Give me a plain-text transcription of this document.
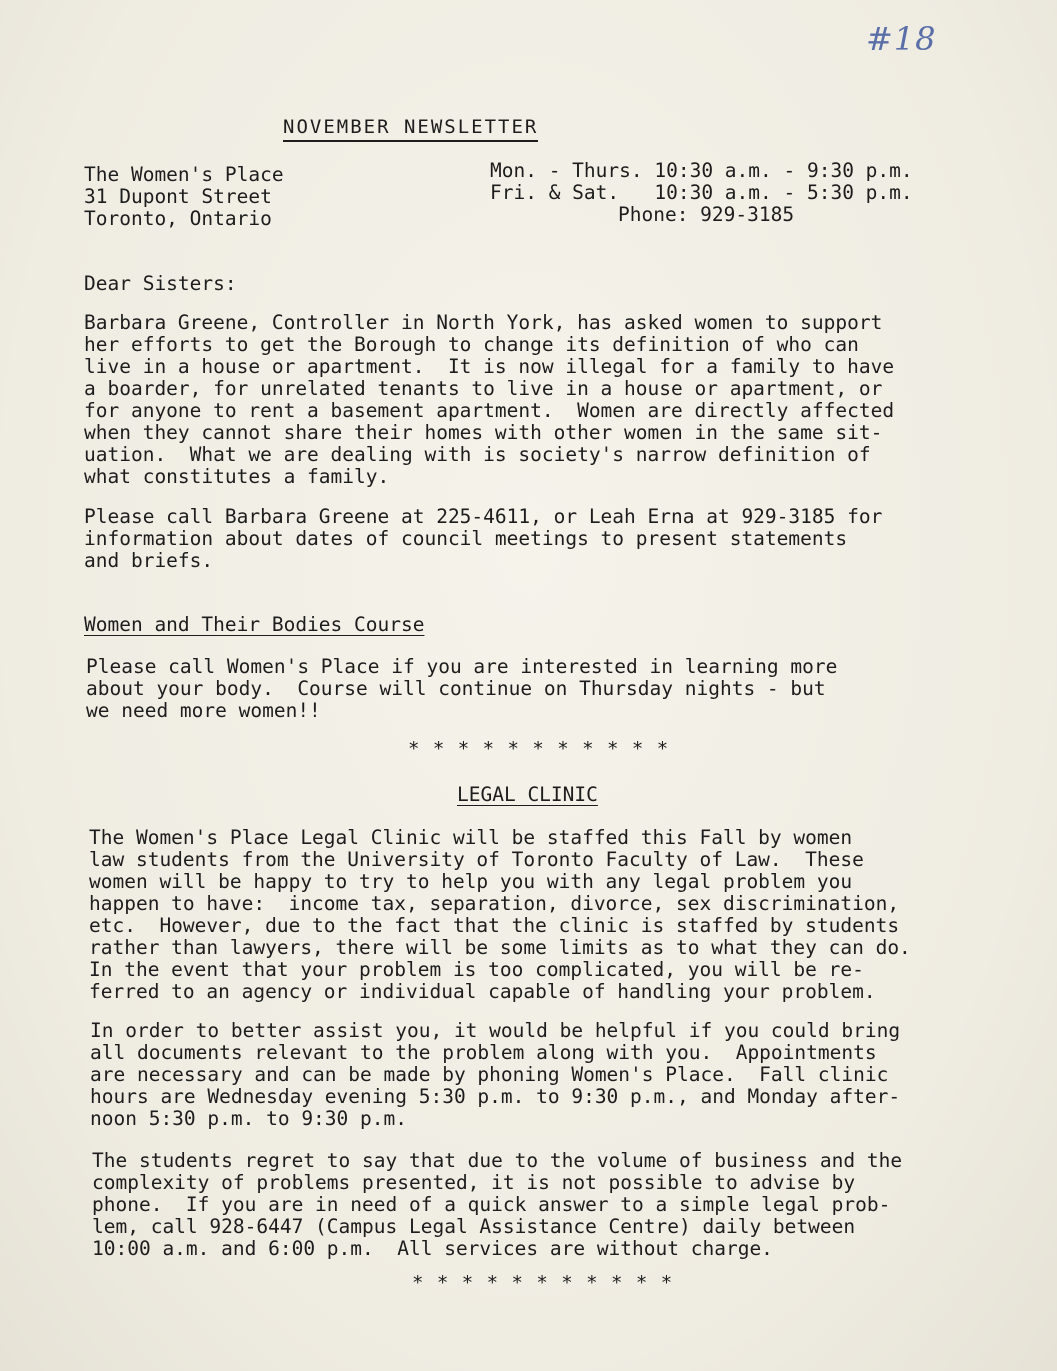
#18
NOVEMBER NEWSLETTER
The Women's Place
31 Dupont Street
Toronto, Ontario
Mon. - Thurs. 10:30 a.m. - 9:30 p.m.
Fri. & Sat.   10:30 a.m. - 5:30 p.m.
Phone: 929-3185
Dear Sisters:
Barbara Greene, Controller in North York, has asked women to support
her efforts to get the Borough to change its definition of who can
live in a house or apartment.  It is now illegal for a family to have
a boarder, for unrelated tenants to live in a house or apartment, or
for anyone to rent a basement apartment.  Women are directly affected
when they cannot share their homes with other women in the same sit-
uation.  What we are dealing with is society's narrow definition of
what constitutes a family.
Please call Barbara Greene at 225-4611, or Leah Erna at 929-3185 for
information about dates of council meetings to present statements
and briefs.
Women and Their Bodies Course
Please call Women's Place if you are interested in learning more
about your body.  Course will continue on Thursday nights - but
we need more women!!
* * * * * * * * * * *
LEGAL CLINIC
The Women's Place Legal Clinic will be staffed this Fall by women
law students from the University of Toronto Faculty of Law.  These
women will be happy to try to help you with any legal problem you
happen to have:  income tax, separation, divorce, sex discrimination,
etc.  However, due to the fact that the clinic is staffed by students
rather than lawyers, there will be some limits as to what they can do.
In the event that your problem is too complicated, you will be re-
ferred to an agency or individual capable of handling your problem.
In order to better assist you, it would be helpful if you could bring
all documents relevant to the problem along with you.  Appointments
are necessary and can be made by phoning Women's Place.  Fall clinic
hours are Wednesday evening 5:30 p.m. to 9:30 p.m., and Monday after-
noon 5:30 p.m. to 9:30 p.m.
The students regret to say that due to the volume of business and the
complexity of problems presented, it is not possible to advise by
phone.  If you are in need of a quick answer to a simple legal prob-
lem, call 928-6447 (Campus Legal Assistance Centre) daily between
10:00 a.m. and 6:00 p.m.  All services are without charge.
* * * * * * * * * * *
